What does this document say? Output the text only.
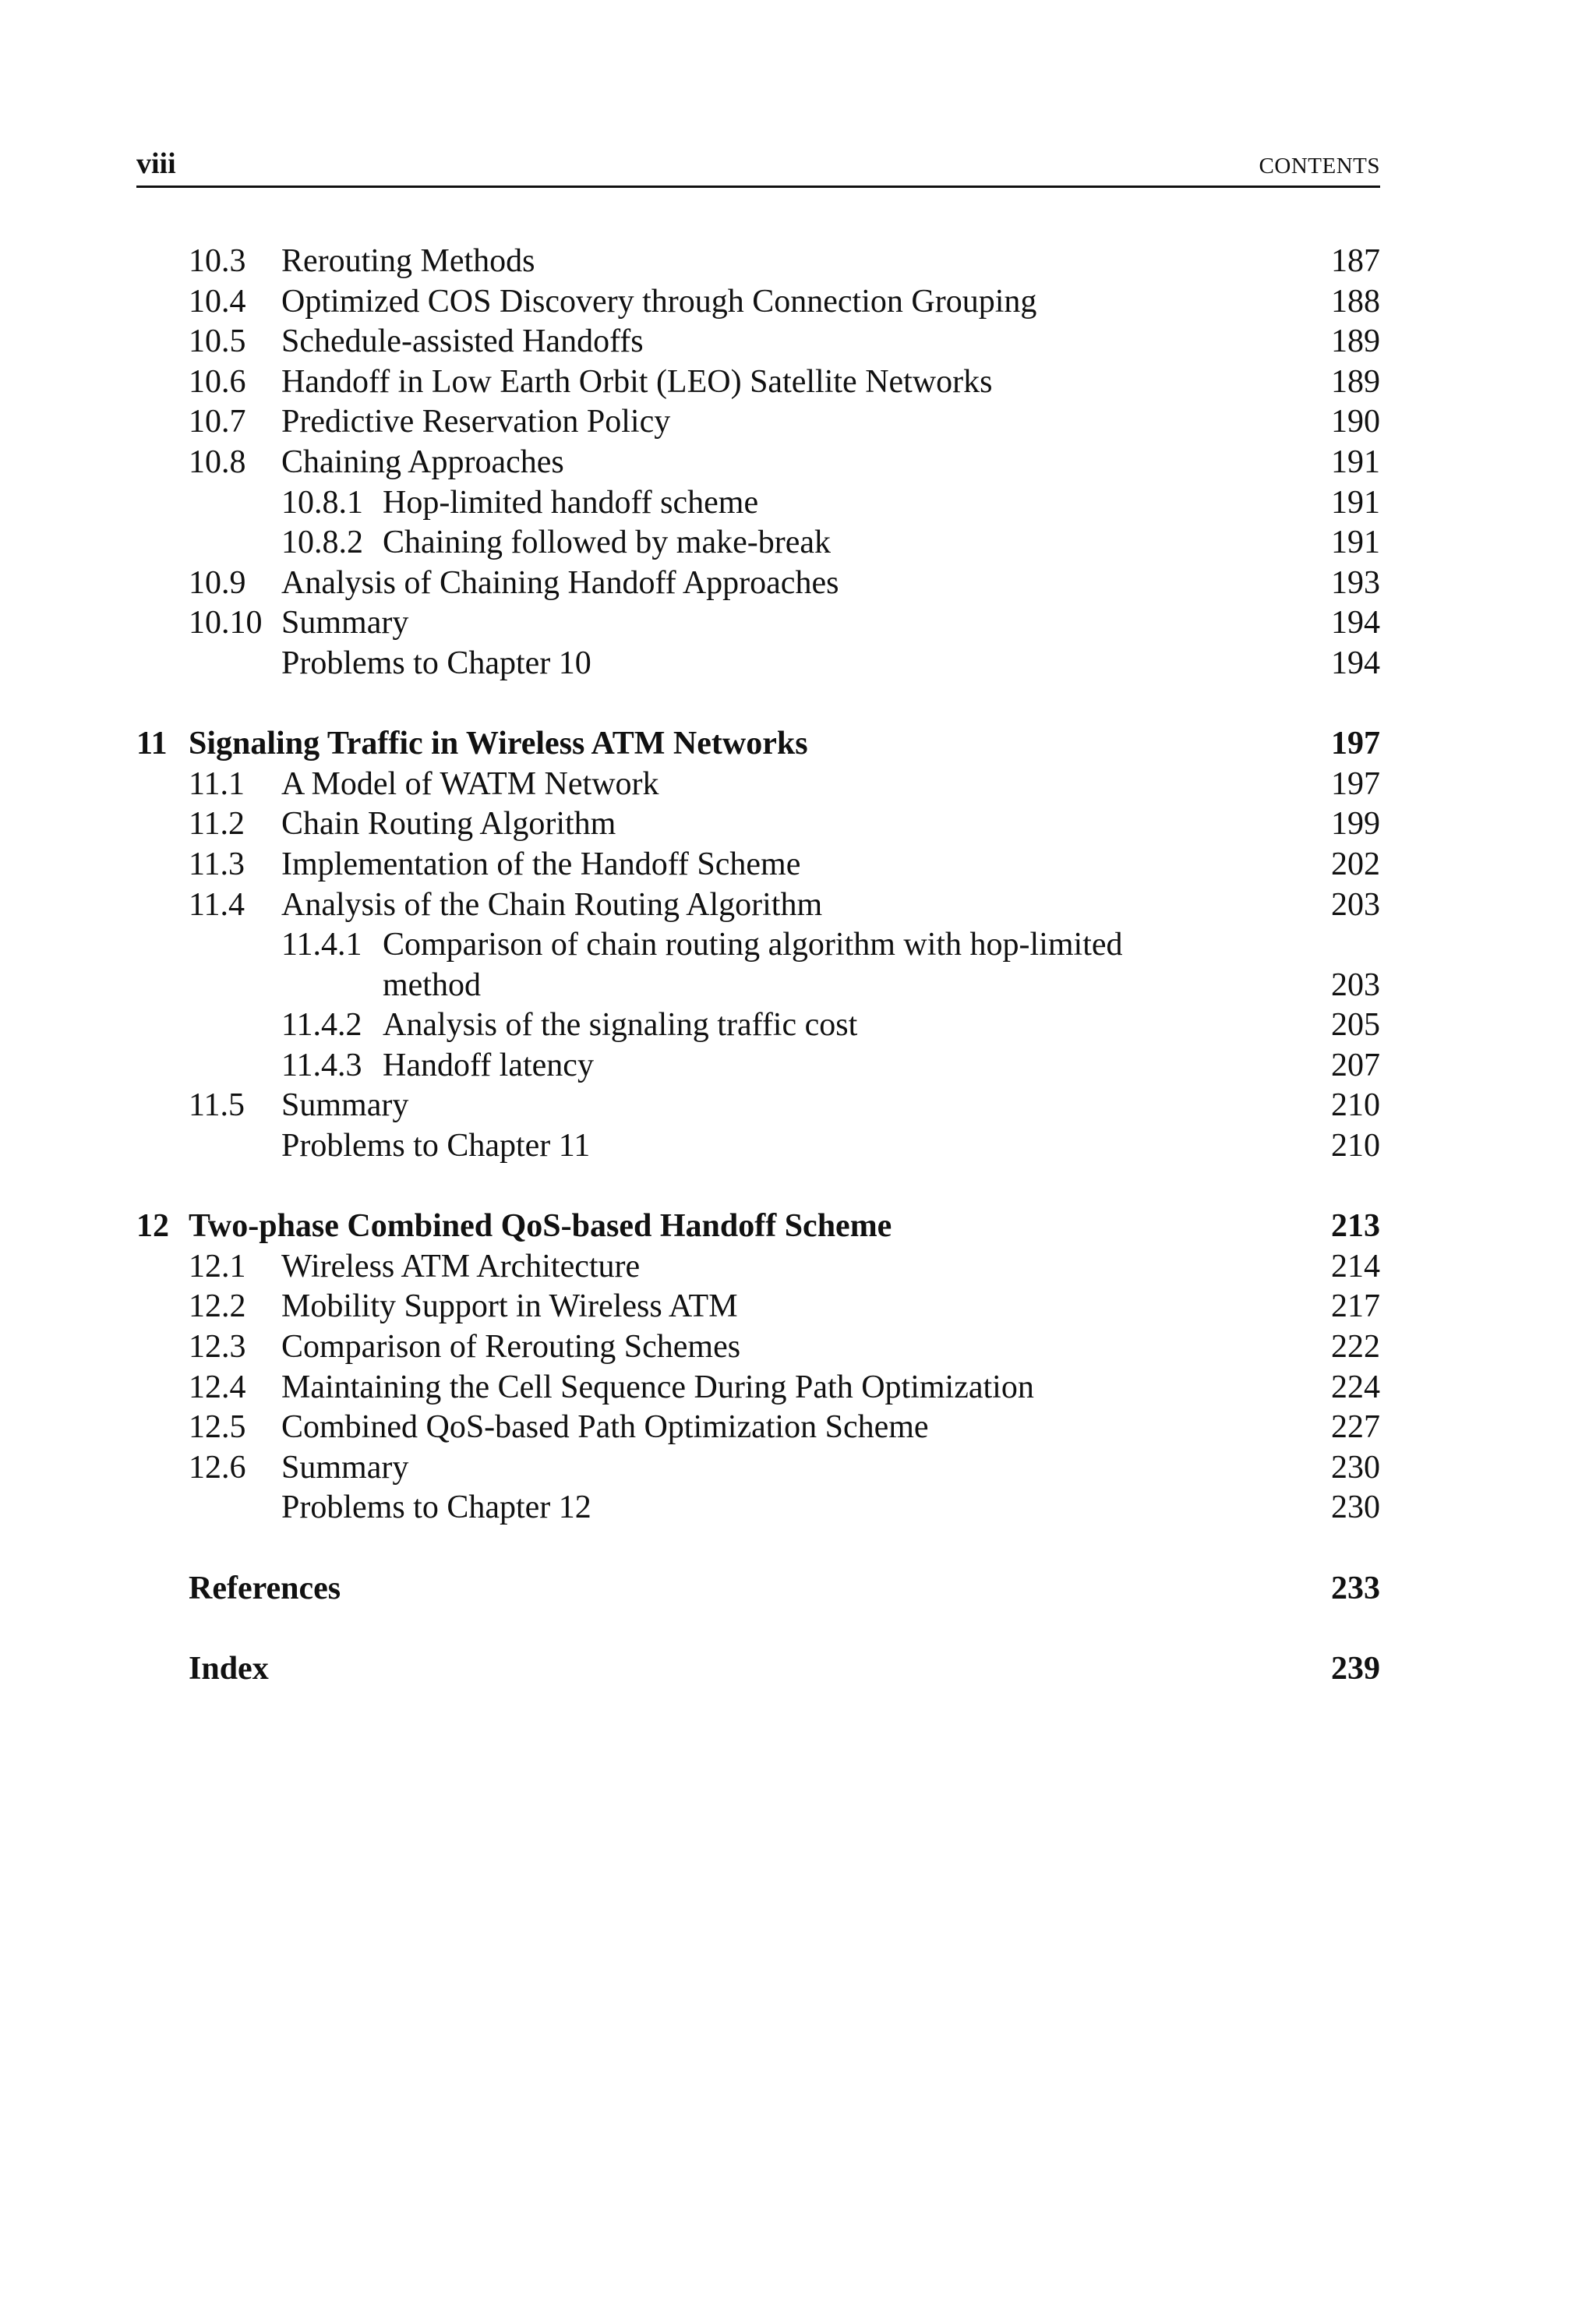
viii	CONTENTS
10.3 Rerouting Methods	187
10.4 Optimized COS Discovery through Connection Grouping	188
10.5 Schedule-assisted Handoffs	189
10.6 Handoff in Low Earth Orbit (LEO) Satellite Networks	189
10.7 Predictive Reservation Policy	190
10.8 Chaining Approaches	191
10.8.1 Hop-limited handoff scheme	191
10.8.2 Chaining followed by make-break	191
10.9 Analysis of Chaining Handoff Approaches	193
10.10 Summary	194
Problems to Chapter 10	194
11 Signaling Traffic in Wireless ATM Networks	197
11.1 A Model of WATM Network	197
11.2 Chain Routing Algorithm	199
11.3 Implementation of the Handoff Scheme	202
11.4 Analysis of the Chain Routing Algorithm	203
11.4.1 Comparison of chain routing algorithm with hop-limited
method	203
11.4.2 Analysis of the signaling traffic cost	205
11.4.3 Handoff latency	207
11.5 Summary	210
Problems to Chapter 11	210
12 Two-phase Combined QoS-based Handoff Scheme	213
12.1 Wireless ATM Architecture	214
12.2 Mobility Support in Wireless ATM	217
12.3 Comparison of Rerouting Schemes	222
12.4 Maintaining the Cell Sequence During Path Optimization	224
12.5 Combined QoS-based Path Optimization Scheme	227
12.6 Summary	230
Problems to Chapter 12	230
References	233
Index	239
